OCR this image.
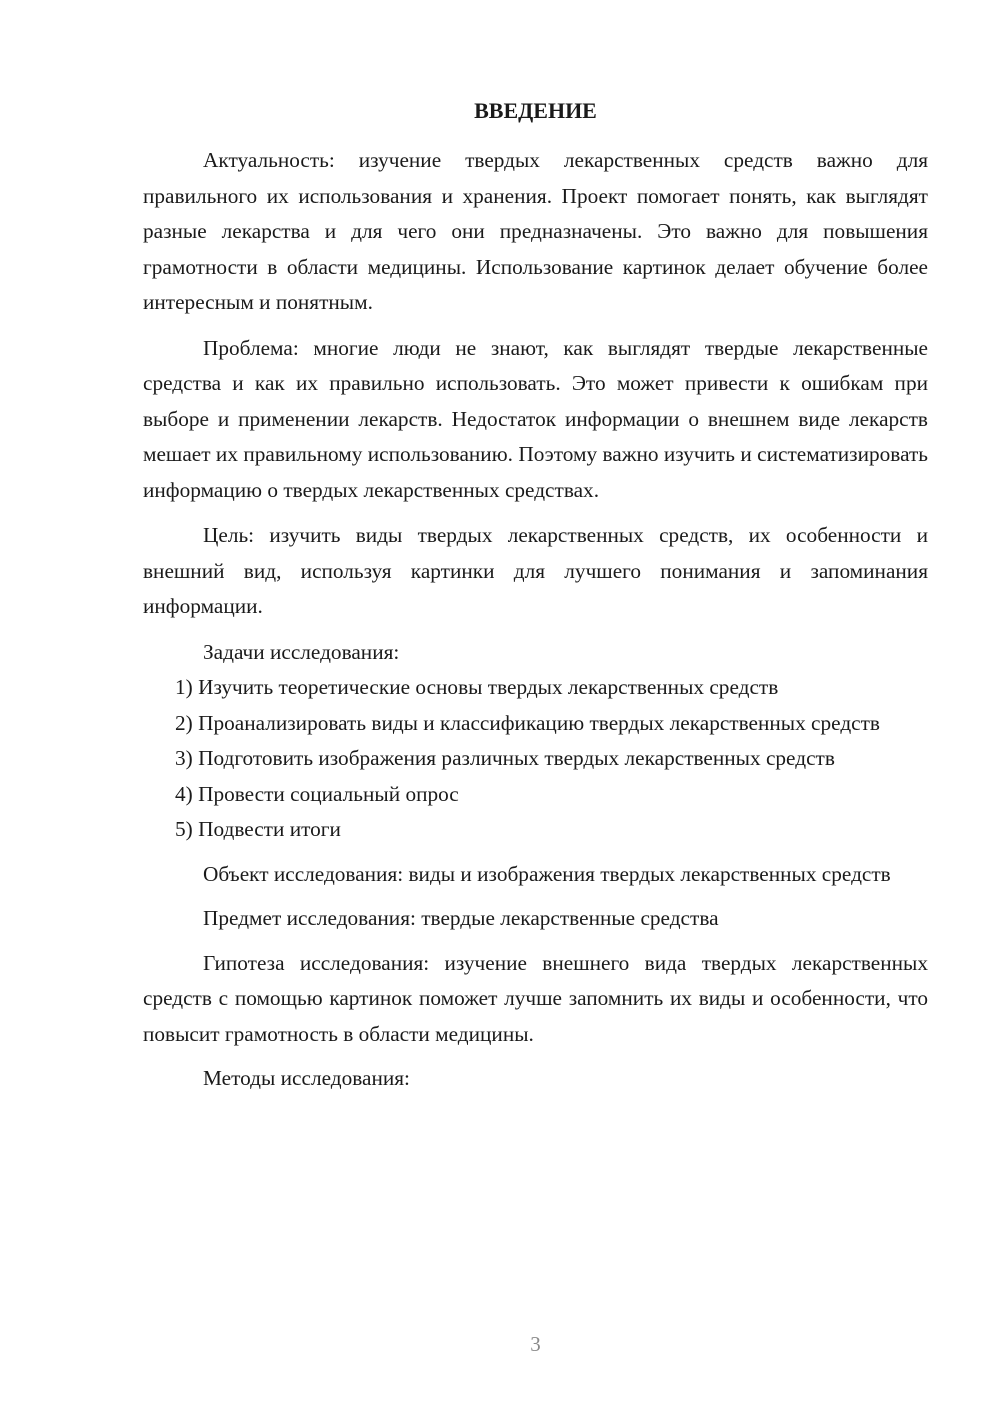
ВВЕДЕНИЕ

Актуальность: изучение твердых лекарственных средств важно для правильного их использования и хранения. Проект помогает понять, как выглядят разные лекарства и для чего они предназначены. Это важно для повышения грамотности в области медицины. Использование картинок делает обучение более интересным и понятным.

Проблема: многие люди не знают, как выглядят твердые лекарственные средства и как их правильно использовать. Это может привести к ошибкам при выборе и применении лекарств. Недостаток информации о внешнем виде лекарств мешает их правильному использованию. Поэтому важно изучить и систематизировать информацию о твердых лекарственных средствах.

Цель: изучить виды твердых лекарственных средств, их особенности и внешний вид, используя картинки для лучшего понимания и запоминания информации.

Задачи исследования:

1) Изучить теоретические основы твердых лекарственных средств

2) Проанализировать виды и классификацию твердых лекарственных средств

3) Подготовить изображения различных твердых лекарственных средств

4) Провести социальный опрос

5) Подвести итоги

Объект исследования: виды и изображения твердых лекарственных средств

Предмет исследования: твердые лекарственные средства

Гипотеза исследования: изучение внешнего вида твердых лекарственных средств с помощью картинок поможет лучше запомнить их виды и особенности, что повысит грамотность в области медицины.

Методы исследования:

3
